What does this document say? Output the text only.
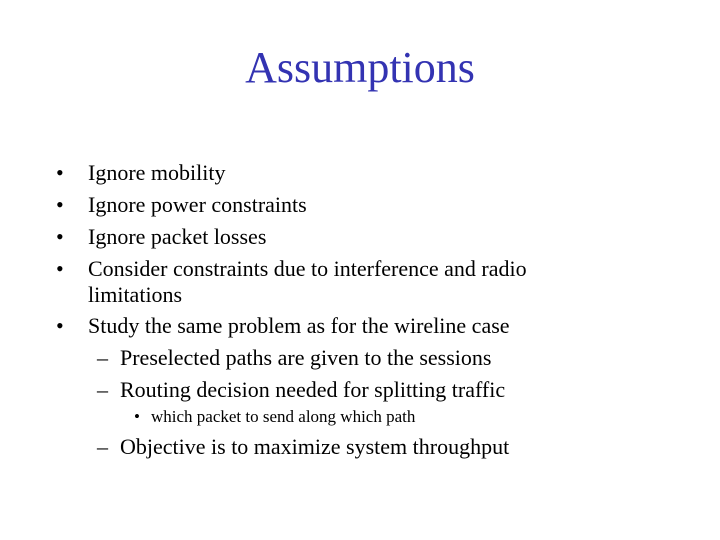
Assumptions
• Ignore mobility
• Ignore power constraints
• Ignore packet losses
• Consider constraints due to interference and radio
limitations
• Study the same problem as for the wireline case
– Preselected paths are given to the sessions
– Routing decision needed for splitting traffic
• which packet to send along which path
– Objective is to maximize system throughput
